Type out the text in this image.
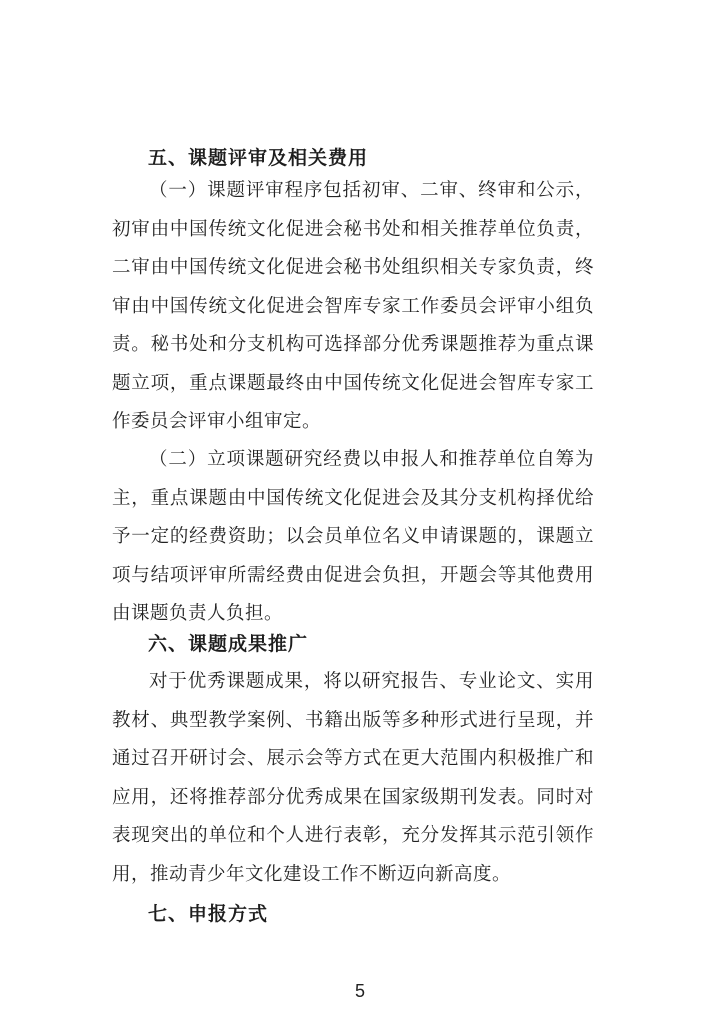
五、课题评审及相关费用
（一）课题评审程序包括初审、二审、终审和公示，
初审由中国传统文化促进会秘书处和相关推荐单位负责，
二审由中国传统文化促进会秘书处组织相关专家负责，终
审由中国传统文化促进会智库专家工作委员会评审小组负
责。秘书处和分支机构可选择部分优秀课题推荐为重点课
题立项，重点课题最终由中国传统文化促进会智库专家工
作委员会评审小组审定。
（二）立项课题研究经费以申报人和推荐单位自筹为
主，重点课题由中国传统文化促进会及其分支机构择优给
予一定的经费资助；以会员单位名义申请课题的，课题立
项与结项评审所需经费由促进会负担，开题会等其他费用
由课题负责人负担。
六、课题成果推广
对于优秀课题成果，将以研究报告、专业论文、实用
教材、典型教学案例、书籍出版等多种形式进行呈现，并
通过召开研讨会、展示会等方式在更大范围内积极推广和
应用，还将推荐部分优秀成果在国家级期刊发表。同时对
表现突出的单位和个人进行表彰，充分发挥其示范引领作
用，推动青少年文化建设工作不断迈向新高度。
七、申报方式
5
